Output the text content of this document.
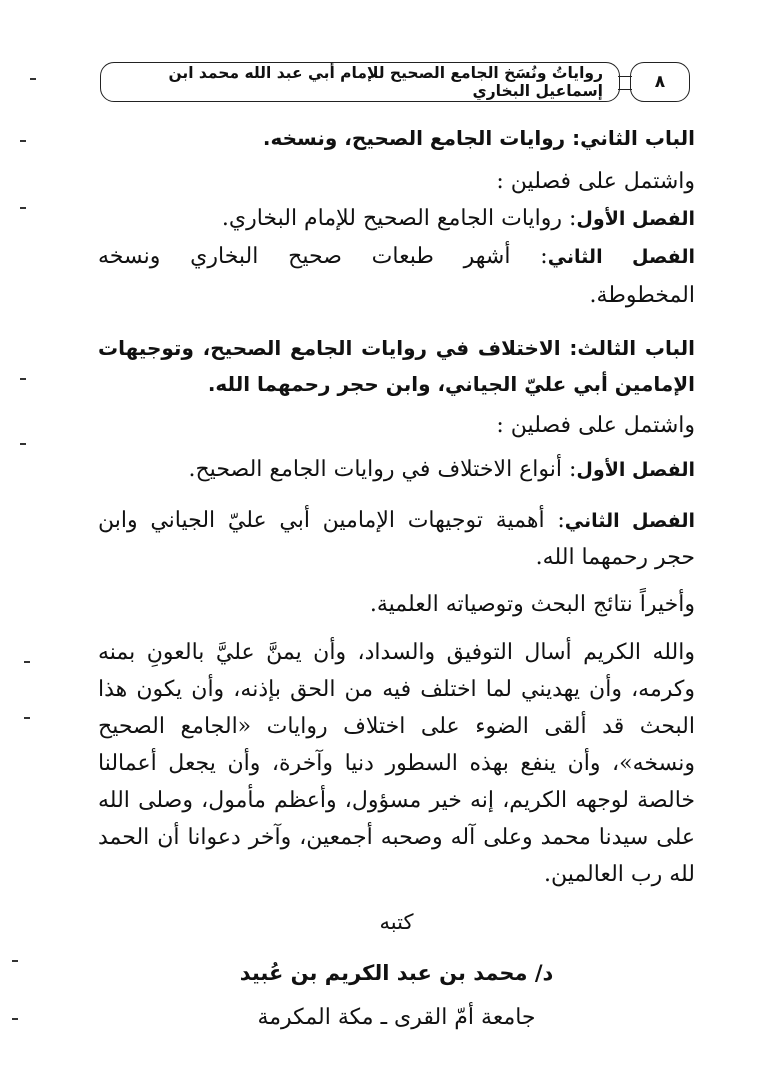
رواياتُ ونُسَخ الجامع الصحيح للإمام أبي عبد الله محمد ابن إسماعيل البخاري	٨
الباب الثاني: روايات الجامع الصحيح، ونسخه.
واشتمل على فصلين :
الفصل الأول: روايات الجامع الصحيح للإمام البخاري.
الفصل الثاني: أشهر طبعات صحيح البخاري ونسخه
المخطوطة.
الباب الثالث: الاختلاف في روايات الجامع الصحيح، وتوجيهات
الإمامين أبي عليّ الجياني، وابن حجر رحمهما الله.
واشتمل على فصلين :
الفصل الأول: أنواع الاختلاف في روايات الجامع الصحيح.
الفصل الثاني: أهمية توجيهات الإمامين أبي عليّ الجياني وابن
حجر رحمهما الله.
وأخيراً نتائج البحث وتوصياته العلمية.
والله الكريم أسال التوفيق والسداد، وأن يمنَّ عليَّ بالعونِ بمنه
وكرمه، وأن يهديني لما اختلف فيه من الحق بإذنه، وأن يكون هذا
البحث قد ألقى الضوء على اختلاف روايات «الجامع الصحيح
ونسخه»، وأن ينفع بهذه السطور دنيا وآخرة، وأن يجعل أعمالنا
خالصة لوجهه الكريم، إنه خير مسؤول، وأعظم مأمول، وصلى الله
على سيدنا محمد وعلى آله وصحبه أجمعين، وآخر دعوانا أن الحمد
لله رب العالمين.
كتبه
د/ محمد بن عبد الكريم بن عُبيد
جامعة أمّ القرى ـ مكة المكرمة
